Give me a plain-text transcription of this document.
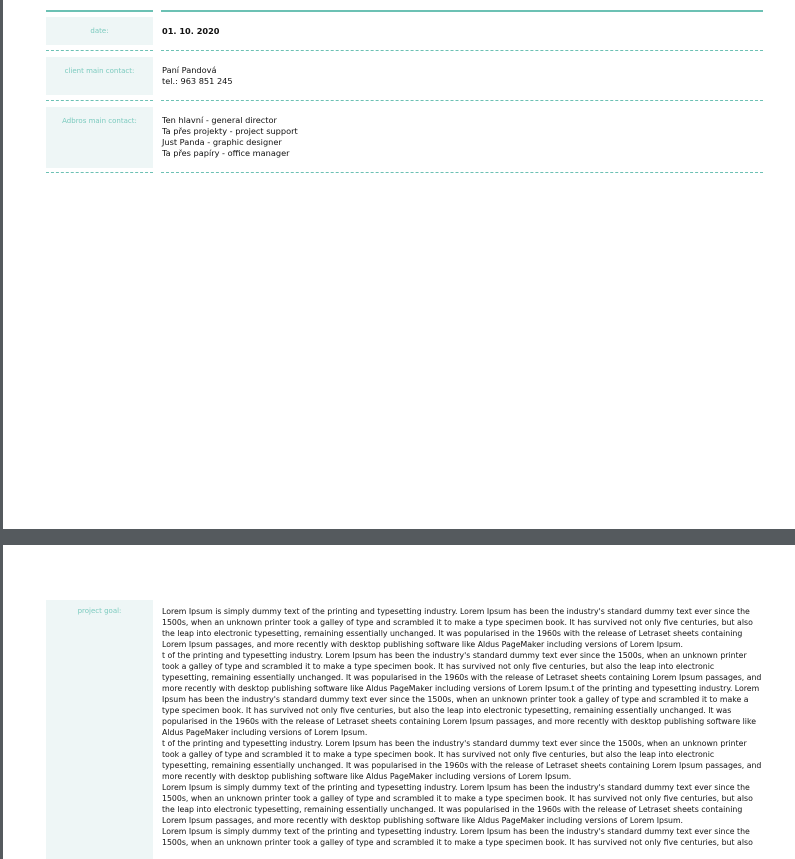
date:	01. 10. 2020
client main contact:	Paní Pandová

tel.: 963 851 245

Adbros main contact:	Ten hlavní - general director

Ta přes projekty - project support

Just Panda - graphic designer

Ta přes papíry - office manager

project goal:	Lorem Ipsum is simply dummy text of the printing and typesetting industry. Lorem Ipsum has been the industry's standard dummy text ever since the 1500s, when an unknown printer took a galley of type and scrambled it to make a type specimen book. It has survived not only five centuries, but also the leap into electronic typesetting, remaining essentially unchanged. It was popularised in the 1960s with the release of Letraset sheets containing Lorem Ipsum passages, and more recently with desktop publishing software like Aldus PageMaker including versions of Lorem Ipsum.

t of the printing and typesetting industry. Lorem Ipsum has been the industry's standard dummy text ever since the 1500s, when an unknown printer took a galley of type and scrambled it to make a type specimen book. It has survived not only five centuries, but also the leap into electronic typesetting, remaining essentially unchanged. It was popularised in the 1960s with the release of Letraset sheets containing Lorem Ipsum passages, and more recently with desktop publishing software like Aldus PageMaker including versions of Lorem Ipsum.t of the printing and typesetting industry. Lorem Ipsum has been the industry's standard dummy text ever since the 1500s, when an unknown printer took a galley of type and scrambled it to make a type specimen book. It has survived not only five centuries, but also the leap into electronic typesetting, remaining essentially unchanged. It was popularised in the 1960s with the release of Letraset sheets containing Lorem Ipsum passages, and more recently with desktop publishing software like Aldus PageMaker including versions of Lorem Ipsum.

t of the printing and typesetting industry. Lorem Ipsum has been the industry's standard dummy text ever since the 1500s, when an unknown printer took a galley of type and scrambled it to make a type specimen book. It has survived not only five centuries, but also the leap into electronic typesetting, remaining essentially unchanged. It was popularised in the 1960s with the release of Letraset sheets containing Lorem Ipsum passages, and more recently with desktop publishing software like Aldus PageMaker including versions of Lorem Ipsum.

Lorem Ipsum is simply dummy text of the printing and typesetting industry. Lorem Ipsum has been the industry's standard dummy text ever since the 1500s, when an unknown printer took a galley of type and scrambled it to make a type specimen book. It has survived not only five centuries, but also the leap into electronic typesetting, remaining essentially unchanged. It was popularised in the 1960s with the release of Letraset sheets containing Lorem Ipsum passages, and more recently with desktop publishing software like Aldus PageMaker including versions of Lorem Ipsum.

Lorem Ipsum is simply dummy text of the printing and typesetting industry. Lorem Ipsum has been the industry's standard dummy text ever since the 1500s, when an unknown printer took a galley of type and scrambled it to make a type specimen book. It has survived not only five centuries, but also
